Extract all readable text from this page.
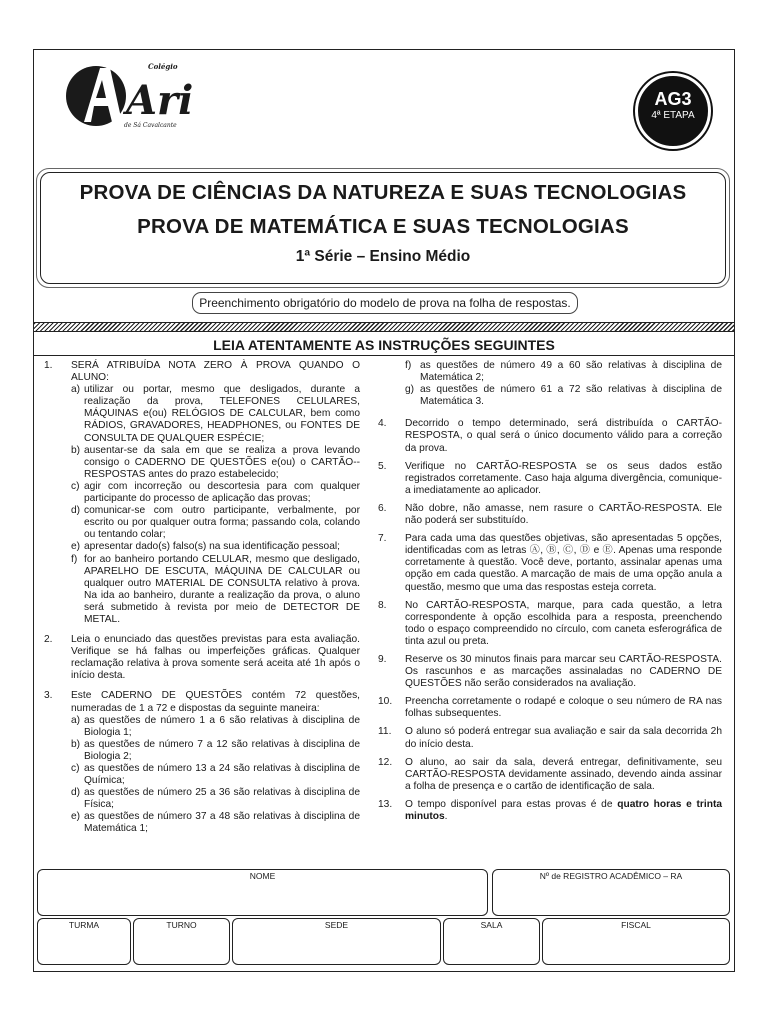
Ari
Colégio
de Sá Cavalcante
AG3
4ª ETAPA
PROVA DE CIÊNCIAS DA NATUREZA E SUAS TECNOLOGIAS
PROVA DE MATEMÁTICA E SUAS TECNOLOGIAS
1ª Série – Ensino Médio
Preenchimento obrigatório do modelo de prova na folha de respostas.
LEIA ATENTAMENTE AS INSTRUÇÕES SEGUINTES
1.	SERÁ ATRIBUÍDA NOTA ZERO À PROVA QUANDO O ALUNO:
a) utilizar ou portar, mesmo que desligados, durante a realização da prova, TELEFONES CELULARES, MÁQUINAS e(ou) RELÓGIOS DE CALCULAR, bem como RÁDIOS, GRAVADORES, HEADPHONES, ou FONTES DE CONSULTA DE QUALQUER ESPÉCIE;
b) ausentar-se da sala em que se realiza a prova levando consigo o CADERNO DE QUESTÕES e(ou) o CARTÃO--RESPOSTAS antes do prazo estabelecido;
c) agir com incorreção ou descortesia para com qualquer participante do processo de aplicação das provas;
d) comunicar-se com outro participante, verbalmente, por escrito ou por qualquer outra forma; passando cola, colando ou tentando colar;
e) apresentar dado(s) falso(s) na sua identificação pessoal;
f) for ao banheiro portando CELULAR, mesmo que desligado, APARELHO DE ESCUTA, MÁQUINA DE CALCULAR ou qualquer outro MATERIAL DE CONSULTA relativo à prova. Na ida ao banheiro, durante a realização da prova, o aluno será submetido à revista por meio de DETECTOR DE METAL.
2.	Leia o enunciado das questões previstas para esta avaliação. Verifique se há falhas ou imperfeições gráficas. Qualquer reclamação relativa à prova somente será aceita até 1h após o início desta.
3.	Este CADERNO DE QUESTÕES contém 72 questões, numeradas de 1 a 72 e dispostas da seguinte maneira:
a) as questões de número 1 a 6 são relativas à disciplina de Biologia 1;
b) as questões de número 7 a 12 são relativas à disciplina de Biologia 2;
c) as questões de número 13 a 24 são relativas à disciplina de Química;
d) as questões de número 25 a 36 são relativas à disciplina de Física;
e) as questões de número 37 a 48 são relativas à disciplina de Matemática 1;
f) as questões de número 49 a 60 são relativas à disciplina de Matemática 2;
g) as questões de número 61 a 72 são relativas à disciplina de Matemática 3.
4.	Decorrido o tempo determinado, será distribuída o CARTÃO-RESPOSTA, o qual será o único documento válido para a correção da prova.
5.	Verifique no CARTÃO-RESPOSTA se os seus dados estão registrados corretamente. Caso haja alguma divergência, comunique-a imediatamente ao aplicador.
6.	Não dobre, não amasse, nem rasure o CARTÃO-RESPOSTA. Ele não poderá ser substituído.
7.	Para cada uma das questões objetivas, são apresentadas 5 opções, identificadas com as letras Ⓐ, Ⓑ, Ⓒ, Ⓓ e Ⓔ. Apenas uma responde corretamente à questão. Você deve, portanto, assinalar apenas uma opção em cada questão. A marcação de mais de uma opção anula a questão, mesmo que uma das respostas esteja correta.
8.	No CARTÃO-RESPOSTA, marque, para cada questão, a letra correspondente à opção escolhida para a resposta, preenchendo todo o espaço compreendido no círculo, com caneta esferográfica de tinta azul ou preta.
9.	Reserve os 30 minutos finais para marcar seu CARTÃO-RESPOSTA. Os rascunhos e as marcações assinaladas no CADERNO DE QUESTÕES não serão considerados na avaliação.
10.	Preencha corretamente o rodapé e coloque o seu número de RA nas folhas subsequentes.
11.	O aluno só poderá entregar sua avaliação e sair da sala decorrida 2h do início desta.
12.	O aluno, ao sair da sala, deverá entregar, definitivamente, seu CARTÃO-RESPOSTA devidamente assinado, devendo ainda assinar a folha de presença e o cartão de identificação de sala.
13.	O tempo disponível para estas provas é de quatro horas e trinta minutos.
NOME	Nº de REGISTRO ACADÊMICO – RA
TURMA	TURNO	SEDE	SALA	FISCAL
